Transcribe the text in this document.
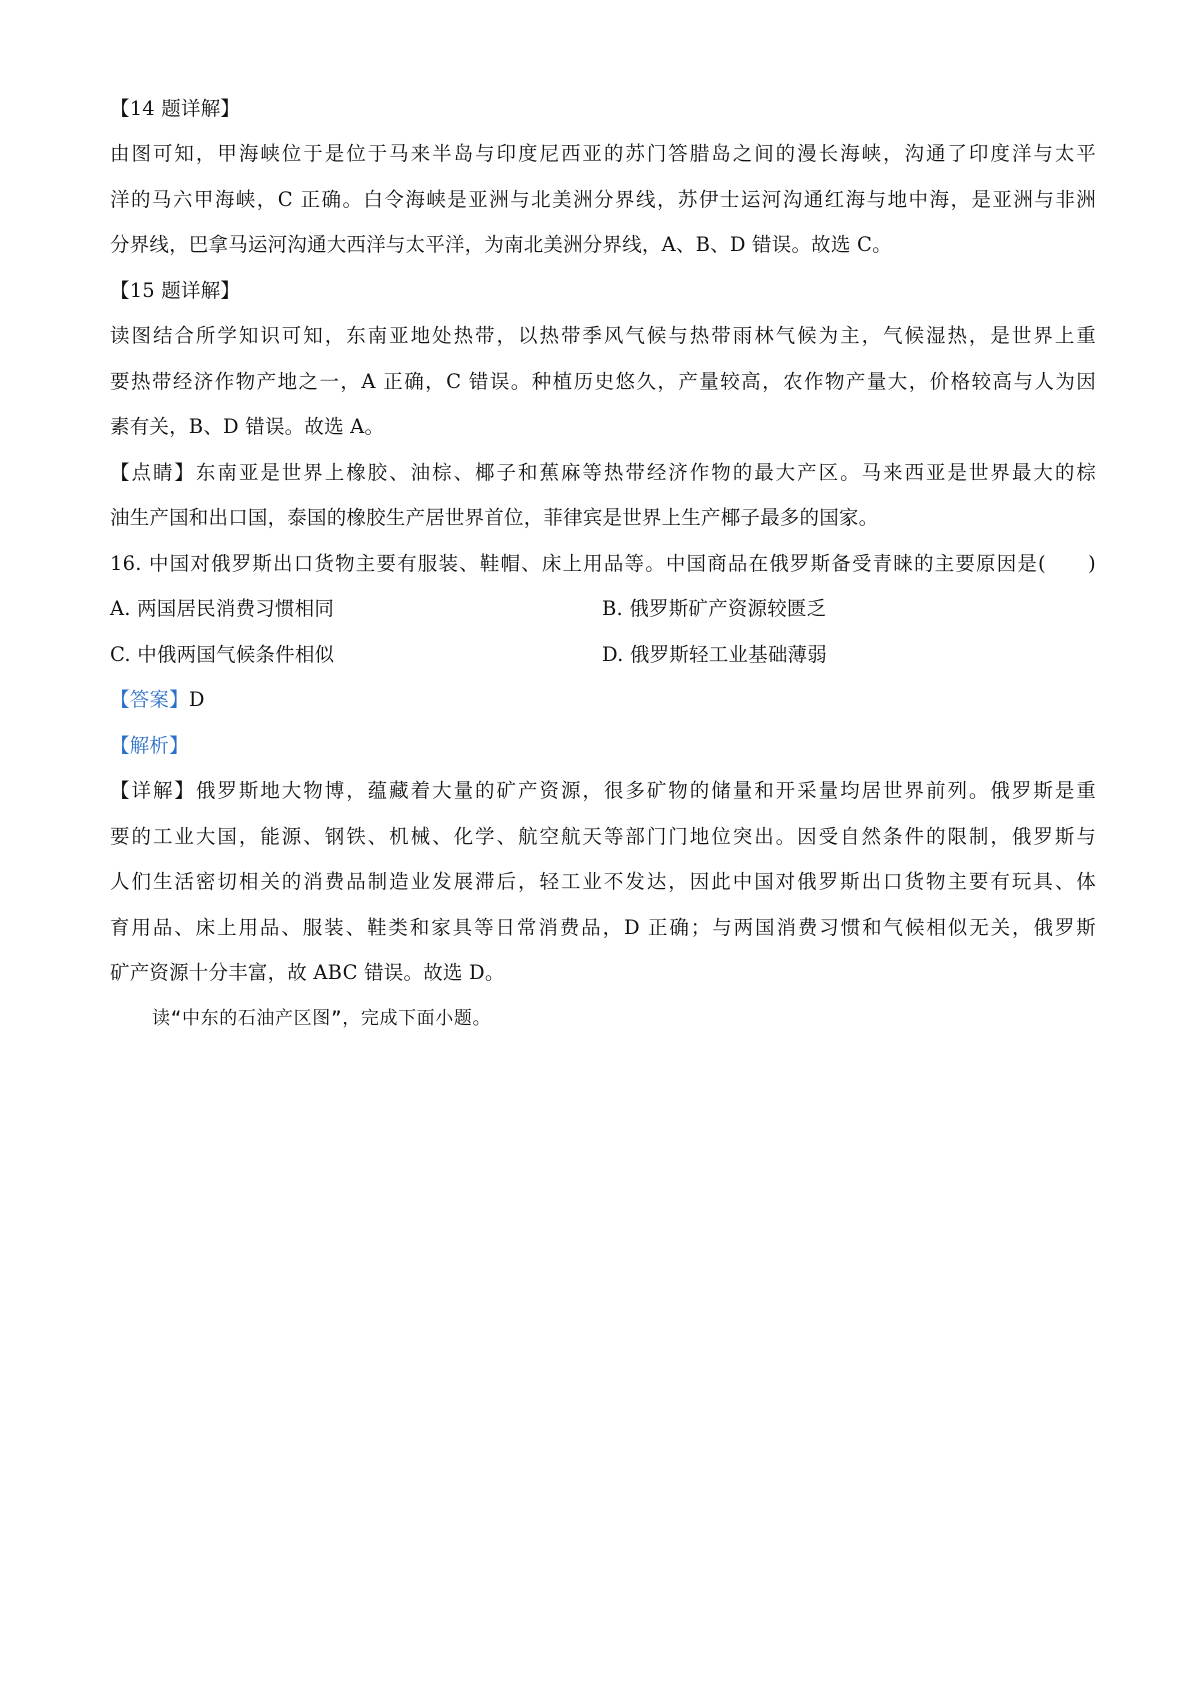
【14 题详解】
由图可知，甲海峡位于是位于马来半岛与印度尼西亚的苏门答腊岛之间的漫长海峡，沟通了印度洋与太平
洋的马六甲海峡，C 正确。白令海峡是亚洲与北美洲分界线，苏伊士运河沟通红海与地中海，是亚洲与非洲
分界线，巴拿马运河沟通大西洋与太平洋，为南北美洲分界线，A、B、D 错误。故选 C。
【15 题详解】
读图结合所学知识可知，东南亚地处热带，以热带季风气候与热带雨林气候为主，气候湿热，是世界上重
要热带经济作物产地之一，A 正确，C 错误。种植历史悠久，产量较高，农作物产量大，价格较高与人为因
素有关，B、D 错误。故选 A。
【点睛】东南亚是世界上橡胶、油棕、椰子和蕉麻等热带经济作物的最大产区。马来西亚是世界最大的棕
油生产国和出口国，泰国的橡胶生产居世界首位，菲律宾是世界上生产椰子最多的国家。
16. 中国对俄罗斯出口货物主要有服装、鞋帽、床上用品等。中国商品在俄罗斯备受青睐的主要原因是(　　)
A. 两国居民消费习惯相同	B. 俄罗斯矿产资源较匮乏
C. 中俄两国气候条件相似	D. 俄罗斯轻工业基础薄弱
【答案】D
【解析】
【详解】俄罗斯地大物博，蕴藏着大量的矿产资源，很多矿物的储量和开采量均居世界前列。俄罗斯是重
要的工业大国，能源、钢铁、机械、化学、航空航天等部门门地位突出。因受自然条件的限制，俄罗斯与
人们生活密切相关的消费品制造业发展滞后，轻工业不发达，因此中国对俄罗斯出口货物主要有玩具、体
育用品、床上用品、服装、鞋类和家具等日常消费品，D 正确；与两国消费习惯和气候相似无关，俄罗斯
矿产资源十分丰富，故 ABC 错误。故选 D。
读“中东的石油产区图”，完成下面小题。
